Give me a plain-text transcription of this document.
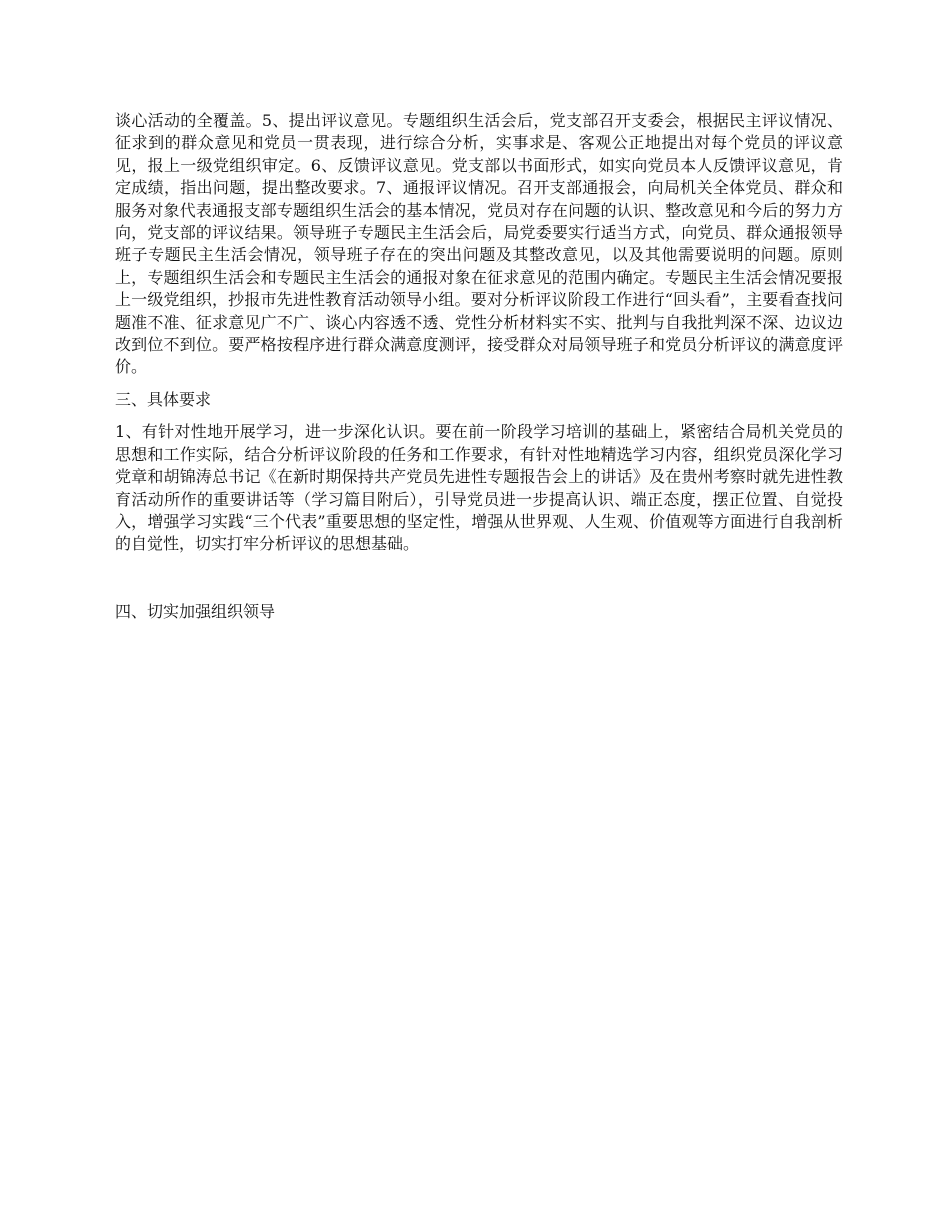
谈心活动的全覆盖。5、提出评议意见。专题组织生活会后，党支部召开支委会，根据民主评议情况、征求到的群众意见和党员一贯表现，进行综合分析，实事求是、客观公正地提出对每个党员的评议意见，报上一级党组织审定。6、反馈评议意见。党支部以书面形式，如实向党员本人反馈评议意见，肯定成绩，指出问题，提出整改要求。7、通报评议情况。召开支部通报会，向局机关全体党员、群众和服务对象代表通报支部专题组织生活会的基本情况，党员对存在问题的认识、整改意见和今后的努力方向，党支部的评议结果。领导班子专题民主生活会后，局党委要实行适当方式，向党员、群众通报领导班子专题民主生活会情况，领导班子存在的突出问题及其整改意见，以及其他需要说明的问题。原则上，专题组织生活会和专题民主生活会的通报对象在征求意见的范围内确定。专题民主生活会情况要报上一级党组织，抄报市先进性教育活动领导小组。要对分析评议阶段工作进行“回头看”，主要看查找问题准不准、征求意见广不广、谈心内容透不透、党性分析材料实不实、批判与自我批判深不深、边议边改到位不到位。要严格按程序进行群众满意度测评，接受群众对局领导班子和党员分析评议的满意度评价。

三、具体要求

1、有针对性地开展学习，进一步深化认识。要在前一阶段学习培训的基础上，紧密结合局机关党员的思想和工作实际，结合分析评议阶段的任务和工作要求，有针对性地精选学习内容，组织党员深化学习党章和胡锦涛总书记《在新时期保持共产党员先进性专题报告会上的讲话》及在贵州考察时就先进性教育活动所作的重要讲话等（学习篇目附后），引导党员进一步提高认识、端正态度，摆正位置、自觉投入，增强学习实践“三个代表”重要思想的坚定性，增强从世界观、人生观、价值观等方面进行自我剖析的自觉性，切实打牢分析评议的思想基础。

四、切实加强组织领导
